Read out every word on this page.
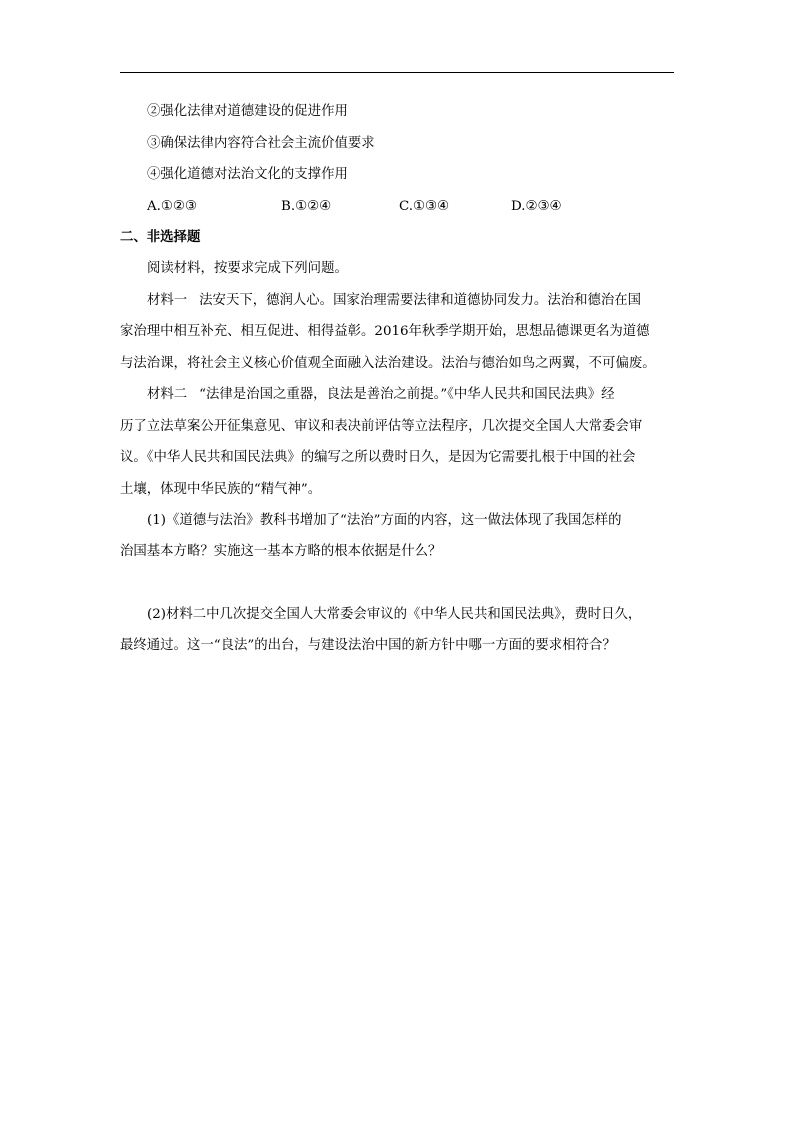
②强化法律对道德建设的促进作用
③确保法律内容符合社会主流价值要求
④强化道德对法治文化的支撑作用
A.①②③	B.①②④	C.①③④	D.②③④
二、非选择题
阅读材料，按要求完成下列问题。
材料一 法安天下，德润人心。国家治理需要法律和道德协同发力。法治和德治在国
家治理中相互补充、相互促进、相得益彰。2016年秋季学期开始，思想品德课更名为道德
与法治课，将社会主义核心价值观全面融入法治建设。法治与德治如鸟之两翼，不可偏废。
材料二 “法律是治国之重器，良法是善治之前提。”《中华人民共和国民法典》经
历了立法草案公开征集意见、审议和表决前评估等立法程序，几次提交全国人大常委会审
议。《中华人民共和国民法典》的编写之所以费时日久，是因为它需要扎根于中国的社会
土壤，体现中华民族的“精气神”。
(1)《道德与法治》教科书增加了“法治”方面的内容，这一做法体现了我国怎样的
治国基本方略？实施这一基本方略的根本依据是什么？
(2)材料二中几次提交全国人大常委会审议的《中华人民共和国民法典》，费时日久，
最终通过。这一“良法”的出台，与建设法治中国的新方针中哪一方面的要求相符合？
